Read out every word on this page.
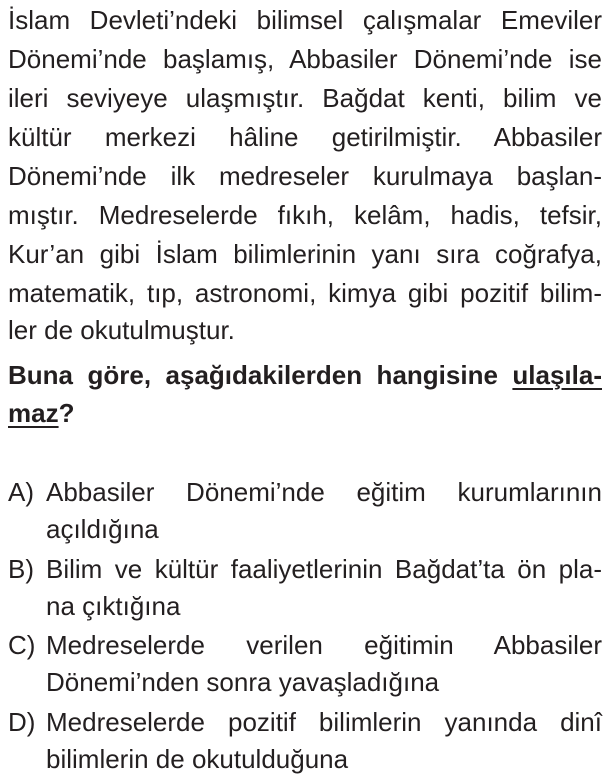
İslam Devleti’ndeki bilimsel çalışmalar Emeviler
Dönemi’nde başlamış, Abbasiler Dönemi’nde ise
ileri seviyeye ulaşmıştır. Bağdat kenti, bilim ve
kültür merkezi hâline getirilmiştir. Abbasiler
Dönemi’nde ilk medreseler kurulmaya başlan-
mıştır. Medreselerde fıkıh, kelâm, hadis, tefsir,
Kur’an gibi İslam bilimlerinin yanı sıra coğrafya,
matematik, tıp, astronomi, kimya gibi pozitif bilim-
ler de okutulmuştur.
Buna göre, aşağıdakilerden hangisine ulaşıla-
maz?
A) Abbasiler Dönemi’nde eğitim kurumlarının
açıldığına
B) Bilim ve kültür faaliyetlerinin Bağdat’ta ön pla-
na çıktığına
C) Medreselerde verilen eğitimin Abbasiler
Dönemi’nden sonra yavaşladığına
D) Medreselerde pozitif bilimlerin yanında dinî
bilimlerin de okutulduğuna
